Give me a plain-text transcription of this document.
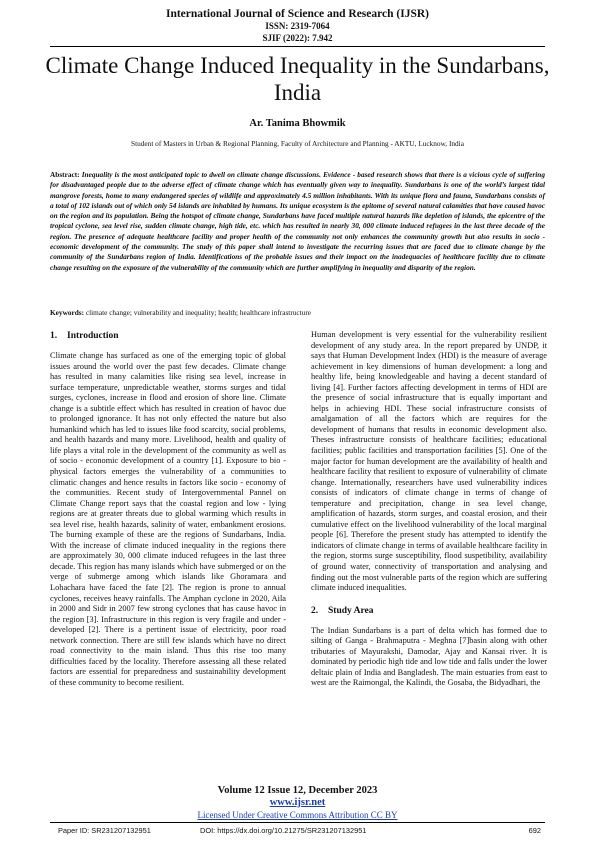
International Journal of Science and Research (IJSR)
ISSN: 2319-7064
SJIF (2022): 7.942
Climate Change Induced Inequality in the Sundarbans, India
Ar. Tanima Bhowmik
Student of Masters in Urban & Regional Planning, Faculty of Architecture and Planning - AKTU, Lucknow, India
Abstract: Inequality is the most anticipated topic to dwell on climate change discussions. Evidence - based research shows that there is a vicious cycle of suffering for disadvantaged people due to the adverse effect of climate change which has eventually given way to inequality. Sundarbans is one of the world’s largest tidal mangrove forests, home to many endangered species of wildlife and approximately 4.5 million inhabitants. With its unique flora and fauna, Sundarbans consists of a total of 102 islands out of which only 54 islands are inhabited by humans. Its unique ecosystem is the epitome of several natural calamities that have caused havoc on the region and its population. Being the hotspot of climate change, Sundarbans have faced multiple natural hazards like depletion of islands, the epicentre of the tropical cyclone, sea level rise, sudden climate change, high tide, etc. which has resulted in nearly 30, 000 climate induced refugees in the last three decade of the region. The presence of adequate healthcare facility and proper health of the community not only enhances the community growth but also results in socio - economic development of the community. The study of this paper shall intend to investigate the recurring issues that are faced due to climate change by the community of the Sundarbans region of India. Identifications of the probable issues and their impact on the inadequacies of healthcare facility due to climate change resulting on the exposure of the vulnerability of the community which are further amplifying in inequality and disparity of the region.
Keywords: climate change; vulnerability and inequality; health; healthcare infrastructure
1. Introduction

Climate change has surfaced as one of the emerging topic of global issues around the world over the past few decades. Climate change has resulted in many calamities like rising sea level, increase in surface temperature, unpredictable weather, storms surges and tidal surges, cyclones, increase in flood and erosion of shore line. Climate change is a subtitle effect which has resulted in creation of havoc due to prolonged ignorance. It has not only effected the nature but also humankind which has led to issues like food scarcity, social problems, and health hazards and many more. Livelihood, health and quality of life plays a vital role in the development of the community as well as of socio - economic development of a country [1]. Exposure to bio - physical factors emerges the vulnerability of a communities to climatic changes and hence results in factors like socio - economy of the communities. Recent study of Intergovernmental Pannel on Climate Change report says that the coastal region and low - lying regions are at greater threats due to global warming which results in sea level rise, health hazards, salinity of water, embankment erosions. The burning example of these are the regions of Sundarbans, India. With the increase of climate induced inequality in the regions there are approximately 30, 000 climate induced refugees in the last three decade. This region has many islands which have submerged or on the verge of submerge among which islands like Ghoramara and Lohachara have faced the fate [2]. The region is prone to annual cyclones, receives heavy rainfalls. The Amphan cyclone in 2020, Aila in 2000 and Sidr in 2007 few strong cyclones that has cause havoc in the region [3]. Infrastructure in this region is very fragile and under - developed [2]. There is a pertinent issue of electricity, poor road network connection. There are still few islands which have no direct road connectivity to the main island. Thus this rise too many difficulties faced by the locality. Therefore assessing all these related factors are essential for preparedness and sustainability development of these community to become resilient.

Human development is very essential for the vulnerability resilient development of any study area. In the report prepared by UNDP, it says that Human Development Index (HDI) is the measure of average achievement in key dimensions of human development: a long and healthy life, being knowledgeable and having a decent standard of living [4]. Further factors affecting development in terms of HDI are the presence of social infrastructure that is equally important and helps in achieving HDI. These social infrastructure consists of amalgamation of all the factors which are requires for the development of humans that results in economic development also. Theses infrastructure consists of healthcare facilities; educational facilities; public facilities and transportation facilities [5]. One of the major factor for human development are the availability of health and healthcare facility that resilient to exposure of vulnerability of climate change. Internationally, researchers have used vulnerability indices consists of indicators of climate change in terms of change of temperature and precipitation, change in sea level change, amplification of hazards, storm surges, and coastal erosion, and their cumulative effect on the livelihood vulnerability of the local marginal people [6]. Therefore the present study has attempted to identify the indicators of climate change in terms of available healthcare facility in the region, storms surge susceptibility, flood suspetibility, availability of ground water, connectivity of transportation and analysing and finding out the most vulnerable parts of the region which are suffering climate induced inequalities.

2. Study Area

The Indian Sundarbans is a part of delta which has formed due to silting of Ganga - Brahmaputra - Meghna [7]basin along with other tributaries of Mayurakshi, Damodar, Ajay and Kansai river. It is dominated by periodic high tide and low tide and falls under the lower deltaic plain of India and Bangladesh. The main estuaries from east to west are the Raimongal, the Kalindi, the Gosaba, the Bidyadhari, the

Volume 12 Issue 12, December 2023
www.ijsr.net
Licensed Under Creative Commons Attribution CC BY
Paper ID: SR231207132951	DOI: https://dx.doi.org/10.21275/SR231207132951	692
